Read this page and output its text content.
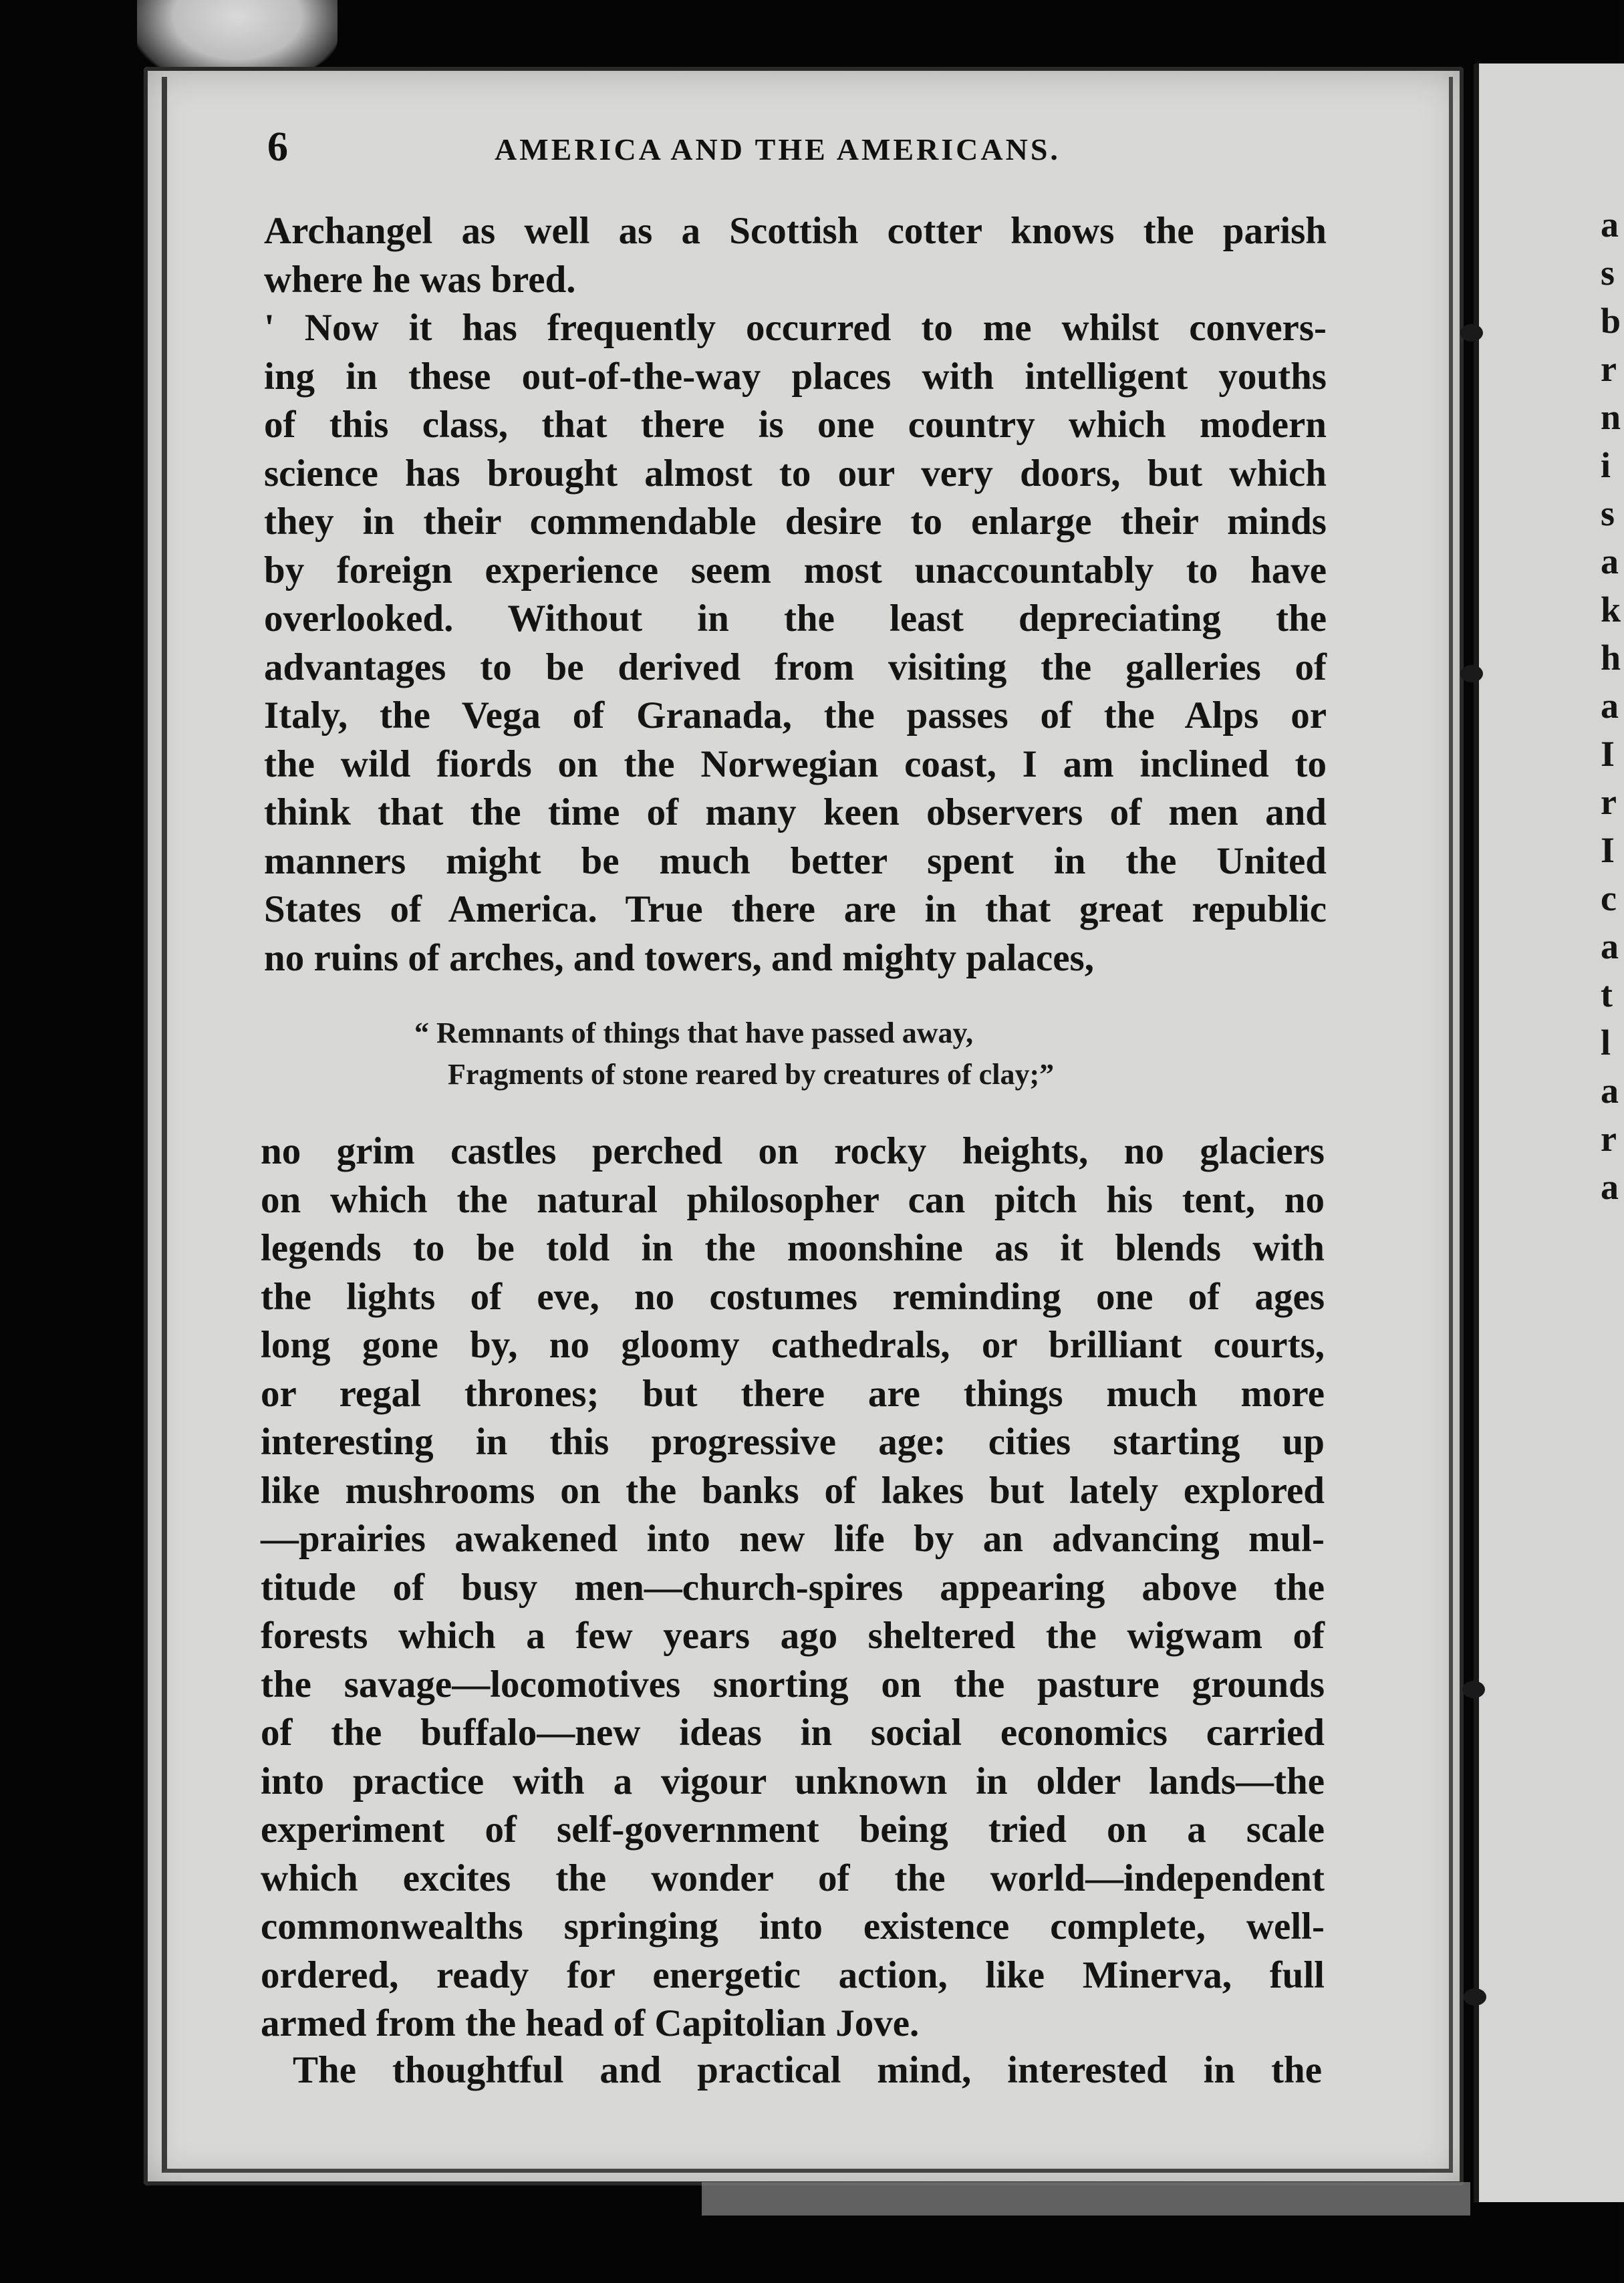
a
s
b
r
n
i
s
a
k
h
a
I
r
I
c
a
t
l
a
r
a
6	AMERICA AND THE AMERICANS.
Archangel as well as a Scottish cotter knows the parish
where he was bred.
' Now it has frequently occurred to me whilst convers-
ing in these out-of-the-way places with intelligent youths
of this class, that there is one country which modern
science has brought almost to our very doors, but which
they in their commendable desire to enlarge their minds
by foreign experience seem most unaccountably to have
overlooked. Without in the least depreciating the
advantages to be derived from visiting the galleries of
Italy, the Vega of Granada, the passes of the Alps or
the wild fiords on the Norwegian coast, I am inclined to
think that the time of many keen observers of men and
manners might be much better spent in the United
States of America. True there are in that great republic
no ruins of arches, and towers, and mighty palaces,
“ Remnants of things that have passed away,
Fragments of stone reared by creatures of clay;”
no grim castles perched on rocky heights, no glaciers
on which the natural philosopher can pitch his tent, no
legends to be told in the moonshine as it blends with
the lights of eve, no costumes reminding one of ages
long gone by, no gloomy cathedrals, or brilliant courts,
or regal thrones; but there are things much more
interesting in this progressive age: cities starting up
like mushrooms on the banks of lakes but lately explored
—prairies awakened into new life by an advancing mul-
titude of busy men—church-spires appearing above the
forests which a few years ago sheltered the wigwam of
the savage—locomotives snorting on the pasture grounds
of the buffalo—new ideas in social economics carried
into practice with a vigour unknown in older lands—the
experiment of self-government being tried on a scale
which excites the wonder of the world—independent
commonwealths springing into existence complete, well-
ordered, ready for energetic action, like Minerva, full
armed from the head of Capitolian Jove.
The thoughtful and practical mind, interested in the
